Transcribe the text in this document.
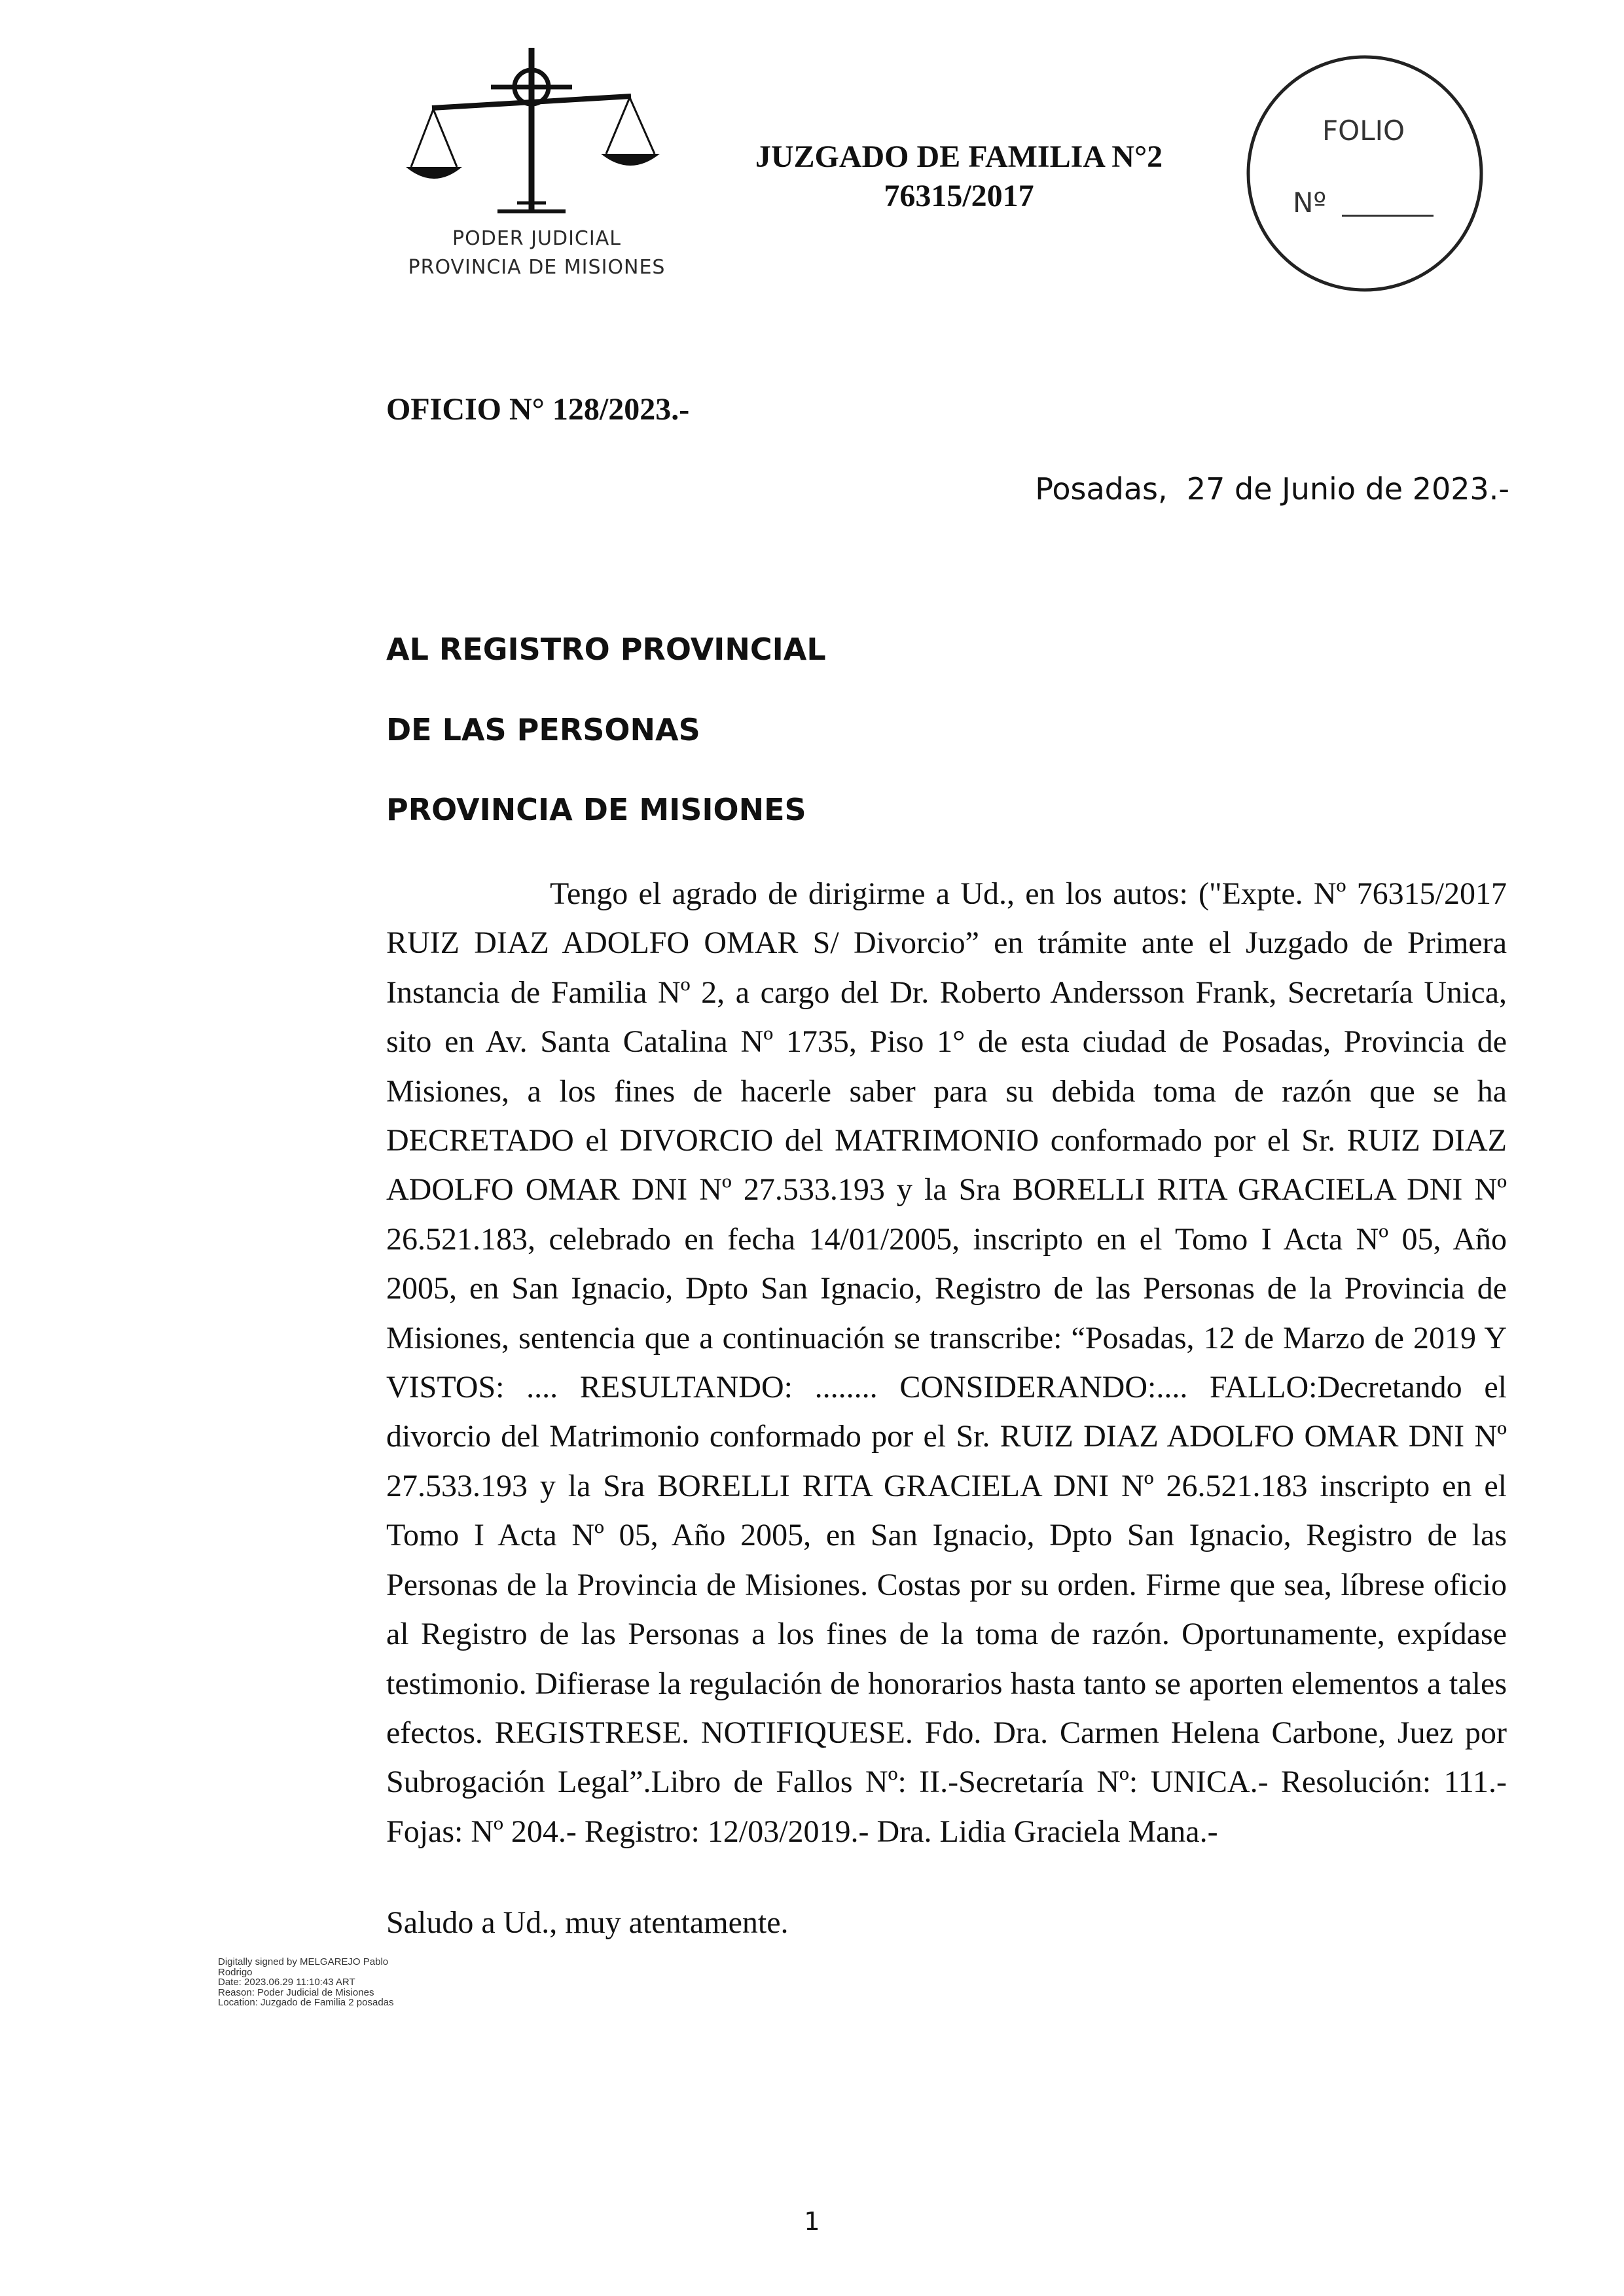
PODER JUDICIAL
PROVINCIA DE MISIONES
JUZGADO DE FAMILIA N°2
76315/2017
FOLIO
Nº
OFICIO N° 128/2023.-
Posadas,  27 de Junio de 2023.-
AL REGISTRO PROVINCIAL
DE LAS PERSONAS
PROVINCIA DE MISIONES

Tengo el agrado de dirigirme a Ud., en los autos: ("Expte. Nº 76315/2017 RUIZ DIAZ ADOLFO OMAR S/ Divorcio” en trámite ante el Juzgado de Primera Instancia de Familia Nº 2, a cargo del Dr. Roberto Andersson Frank, Secretaría Unica, sito en Av. Santa Catalina Nº 1735, Piso 1° de esta ciudad de Posadas, Provincia de Misiones, a los fines de hacerle saber para su debida toma de razón que se ha DECRETADO el DIVORCIO del MATRIMONIO conformado por el Sr. RUIZ DIAZ ADOLFO OMAR DNI Nº 27.533.193 y la Sra BORELLI RITA GRACIELA DNI Nº 26.521.183, celebrado en fecha 14/01/2005, inscripto en el Tomo I Acta Nº 05, Año 2005, en San Ignacio, Dpto San Ignacio, Registro de las Personas de la Provincia de Misiones, sentencia que a continuación se transcribe: “Posadas, 12 de Marzo de 2019 Y VISTOS: .... RESULTANDO: ........ CONSIDERANDO:.... FALLO:Decretando el divorcio del Matrimonio conformado por el Sr. RUIZ DIAZ ADOLFO OMAR DNI Nº 27.533.193 y la Sra BORELLI RITA GRACIELA DNI Nº 26.521.183 inscripto en el Tomo I Acta Nº 05, Año 2005, en San Ignacio, Dpto San Ignacio, Registro de las Personas de la Provincia de Misiones. Costas por su orden. Firme que sea, líbrese oficio al Registro de las Personas a los fines de la toma de razón. Oportunamente, expídase testimonio. Difierase la regulación de honorarios hasta tanto se aporten elementos a tales efectos. REGISTRESE. NOTIFIQUESE. Fdo. Dra. Carmen Helena Carbone, Juez por Subrogación Legal”.Libro de Fallos Nº: II.-Secretaría Nº: UNICA.- Resolución: 111.- Fojas: Nº 204.- Registro: 12/03/2019.- Dra. Lidia Graciela Mana.-

Saludo a Ud., muy atentamente.
Digitally signed by MELGAREJO Pablo
Rodrigo
Date: 2023.06.29 11:10:43 ART
Reason: Poder Judicial de Misiones
Location: Juzgado de Familia 2 posadas
1
